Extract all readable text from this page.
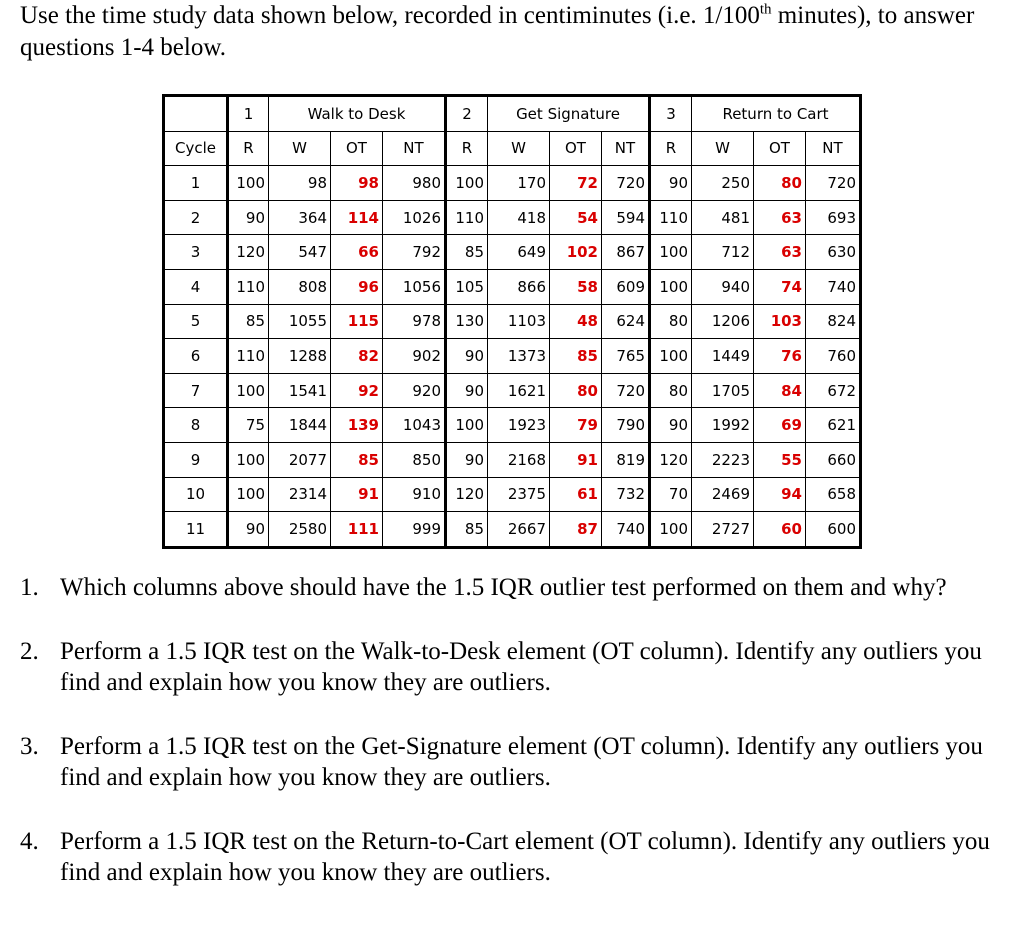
Use the time study data shown below, recorded in centiminutes (i.e. 1/100th minutes), to answer questions 1-4 below.
	1	Walk to Desk			2	Get Signature			3	Return to Cart		
Cycle	R	W	OT	NT	R	W	OT	NT	R	W	OT	NT
1	100	98	98	980	100	170	72	720	90	250	80	720
2	90	364	114	1026	110	418	54	594	110	481	63	693
3	120	547	66	792	85	649	102	867	100	712	63	630
4	110	808	96	1056	105	866	58	609	100	940	74	740
5	85	1055	115	978	130	1103	48	624	80	1206	103	824
6	110	1288	82	902	90	1373	85	765	100	1449	76	760
7	100	1541	92	920	90	1621	80	720	80	1705	84	672
8	75	1844	139	1043	100	1923	79	790	90	1992	69	621
9	100	2077	85	850	90	2168	91	819	120	2223	55	660
10	100	2314	91	910	120	2375	61	732	70	2469	94	658
11	90	2580	111	999	85	2667	87	740	100	2727	60	600
1. Which columns above should have the 1.5 IQR outlier test performed on them and why?
2. Perform a 1.5 IQR test on the Walk-to-Desk element (OT column). Identify any outliers you find and explain how you know they are outliers.
3. Perform a 1.5 IQR test on the Get-Signature element (OT column). Identify any outliers you find and explain how you know they are outliers.
4. Perform a 1.5 IQR test on the Return-to-Cart element (OT column). Identify any outliers you find and explain how you know they are outliers.
